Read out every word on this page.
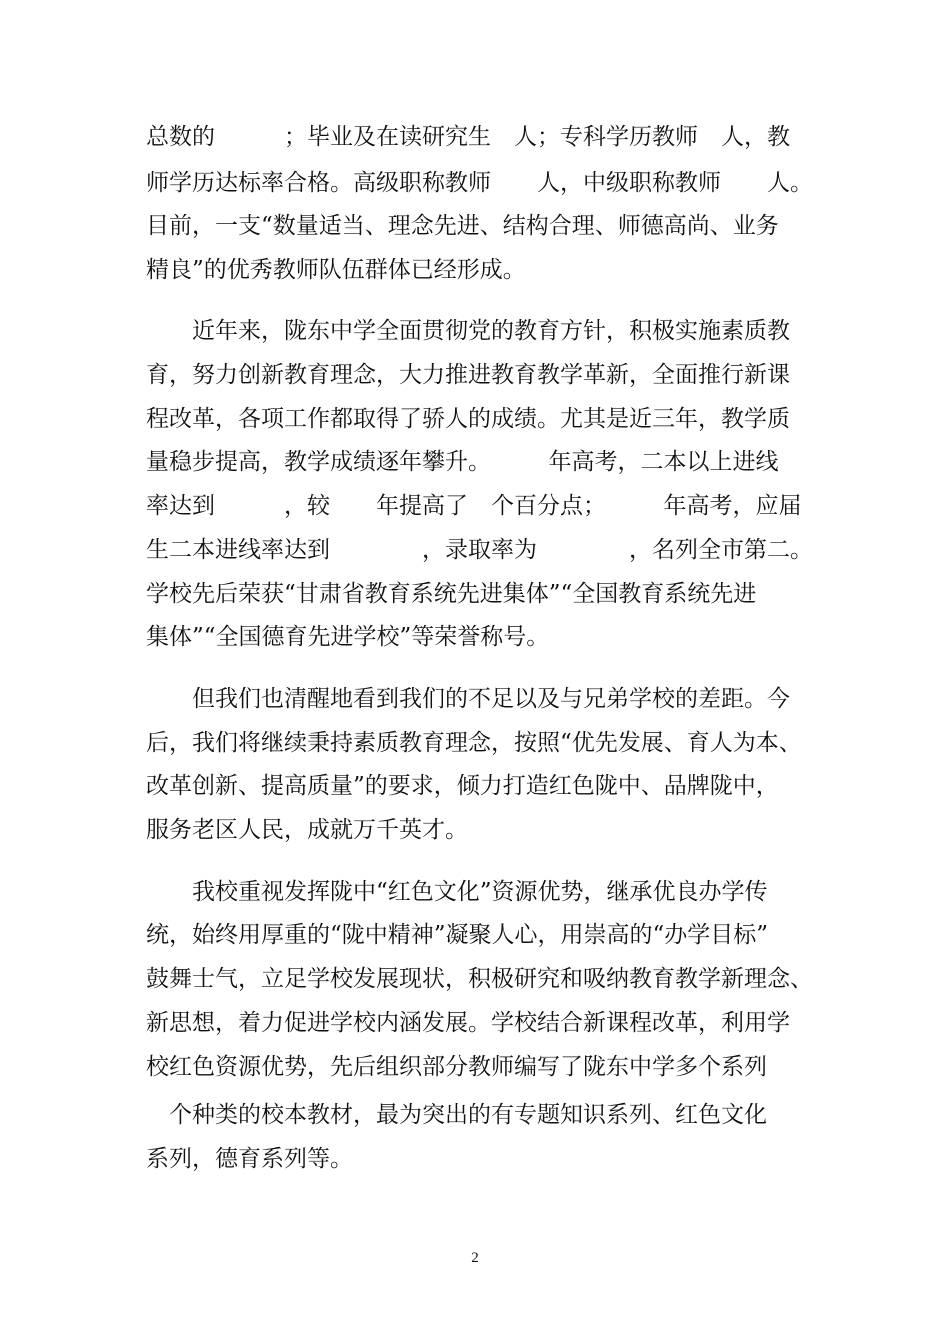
总数的　　　；毕业及在读研究生　人；专科学历教师　人，教
师学历达标率合格。高级职称教师　　人，中级职称教师　　人。
目前，一支“数量适当、理念先进、结构合理、师德高尚、业务
精良”的优秀教师队伍群体已经形成。
　　近年来，陇东中学全面贯彻党的教育方针，积极实施素质教
育，努力创新教育理念，大力推进教育教学革新，全面推行新课
程改革，各项工作都取得了骄人的成绩。尤其是近三年，教学质
量稳步提高，教学成绩逐年攀升。　　　年高考，二本以上进线
率达到　　　，较　　年提高了　个百分点；　　　年高考，应届
生二本进线率达到　　　　，录取率为　　　　，名列全市第二。
学校先后荣获“甘肃省教育系统先进集体”“全国教育系统先进
集体”“全国德育先进学校”等荣誉称号。
　　但我们也清醒地看到我们的不足以及与兄弟学校的差距。今
后，我们将继续秉持素质教育理念，按照“优先发展、育人为本、
改革创新、提高质量”的要求，倾力打造红色陇中、品牌陇中，
服务老区人民，成就万千英才。
　　我校重视发挥陇中“红色文化”资源优势，继承优良办学传
统，始终用厚重的“陇中精神”凝聚人心，用崇高的“办学目标”
鼓舞士气，立足学校发展现状，积极研究和吸纳教育教学新理念、
新思想，着力促进学校内涵发展。学校结合新课程改革，利用学
校红色资源优势，先后组织部分教师编写了陇东中学多个系列
　个种类的校本教材，最为突出的有专题知识系列、红色文化
系列，德育系列等。
2
